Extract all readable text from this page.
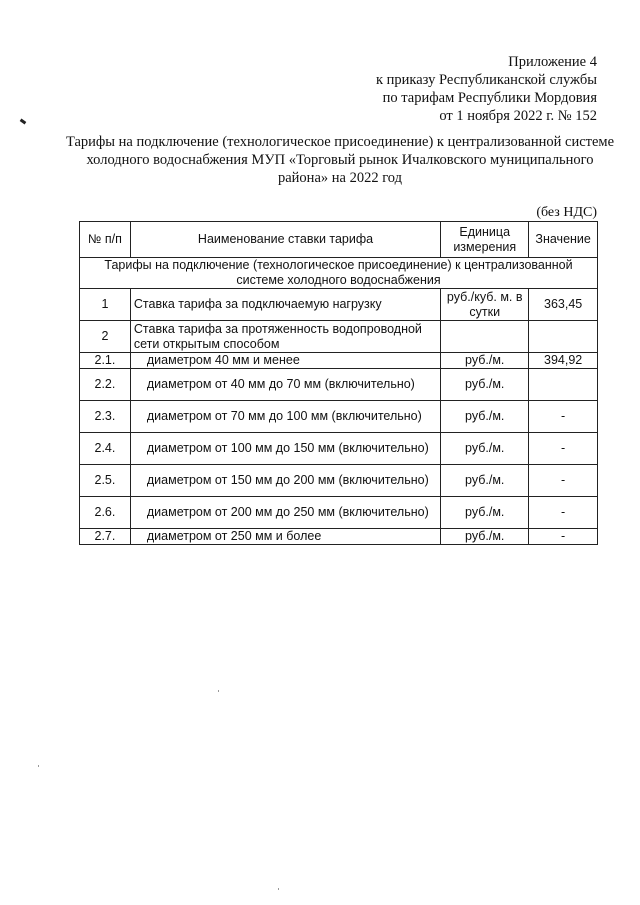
Приложение 4
к приказу Республиканской службы
по тарифам Республики Мордовия
от 1 ноября 2022 г. № 152
Тарифы на подключение (технологическое присоединение) к централизованной системе холодного водоснабжения МУП «Торговый рынок Ичалковского муниципального района» на 2022 год
(без НДС)
№ п/п	Наименование ставки тарифа	Единица измерения	Значение
Тарифы на подключение (технологическое присоединение) к централизованной системе холодного водоснабжения			
1	Ставка тарифа за подключаемую нагрузку	руб./куб. м. в сутки	363,45
2	Ставка тарифа за протяженность водопроводной сети открытым способом		
2.1.	диаметром 40 мм и менее	руб./м.	394,92
2.2.	диаметром от 40 мм до 70 мм (включительно)	руб./м.	
2.3.	диаметром от 70 мм до 100 мм (включительно)	руб./м.	-
2.4.	диаметром от 100 мм до 150 мм (включительно)	руб./м.	-
2.5.	диаметром от 150 мм до 200 мм (включительно)	руб./м.	-
2.6.	диаметром от 200 мм до 250 мм (включительно)	руб./м.	-
2.7.	диаметром от 250 мм и более	руб./м.	-
